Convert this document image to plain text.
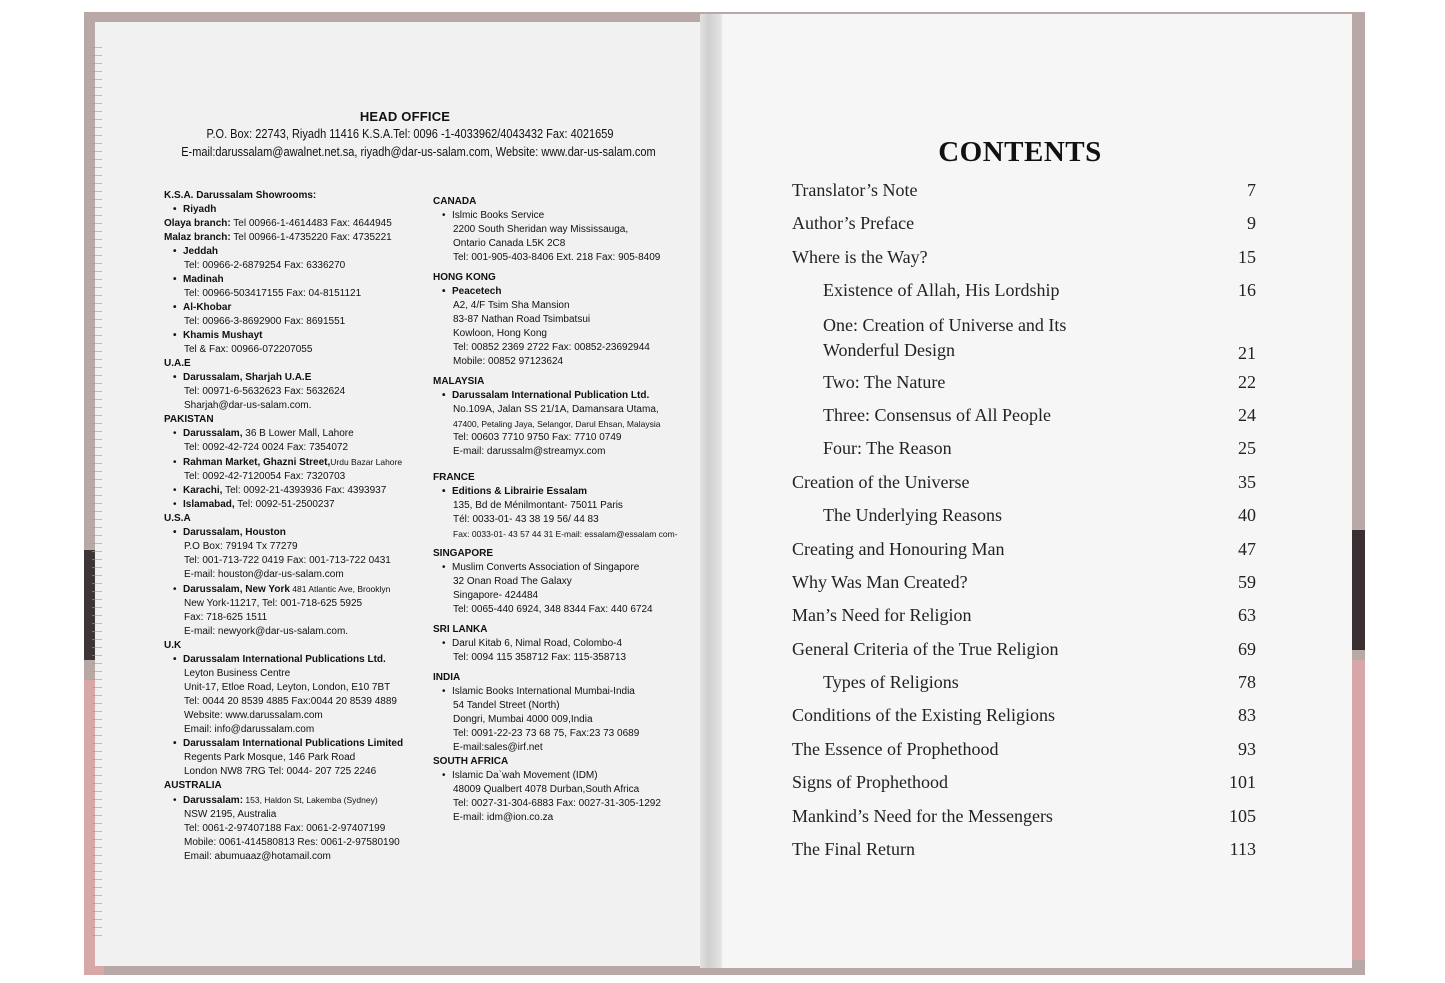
HEAD OFFICE
P.O. Box: 22743, Riyadh 11416 K.S.A.Tel: 0096 -1-4033962/4043432 Fax: 4021659
E-mail:darussalam@awalnet.net.sa, riyadh@dar-us-salam.com, Website: www.dar-us-salam.com
K.S.A. Darussalam Showrooms:
• Riyadh
Olaya branch: Tel 00966-1-4614483 Fax: 4644945
Malaz branch: Tel 00966-1-4735220 Fax: 4735221
• Jeddah
Tel: 00966-2-6879254 Fax: 6336270
• Madinah
Tel: 00966-503417155 Fax: 04-8151121
• Al-Khobar
Tel: 00966-3-8692900 Fax: 8691551
• Khamis Mushayt
Tel & Fax: 00966-072207055
U.A.E
• Darussalam, Sharjah U.A.E
Tel: 00971-6-5632623 Fax: 5632624
Sharjah@dar-us-salam.com.
PAKISTAN
• Darussalam, 36 B Lower Mall, Lahore
Tel: 0092-42-724 0024 Fax: 7354072
• Rahman Market, Ghazni Street,Urdu Bazar Lahore
Tel: 0092-42-7120054 Fax: 7320703
• Karachi, Tel: 0092-21-4393936 Fax: 4393937
• Islamabad, Tel: 0092-51-2500237
U.S.A
• Darussalam, Houston
P.O Box: 79194 Tx 77279
Tel: 001-713-722 0419 Fax: 001-713-722 0431
E-mail: houston@dar-us-salam.com
• Darussalam, New York 481 Atlantic Ave, Brooklyn
New York-11217, Tel: 001-718-625 5925
Fax: 718-625 1511
E-mail: newyork@dar-us-salam.com.
U.K
• Darussalam International Publications Ltd.
Leyton Business Centre
Unit-17, Etloe Road, Leyton, London, E10 7BT
Tel: 0044 20 8539 4885 Fax:0044 20 8539 4889
Website: www.darussalam.com
Email: info@darussalam.com
• Darussalam International Publications Limited
Regents Park Mosque, 146 Park Road
London NW8 7RG Tel: 0044- 207 725 2246
AUSTRALIA
• Darussalam: 153, Haldon St, Lakemba (Sydney)
NSW 2195, Australia
Tel: 0061-2-97407188 Fax: 0061-2-97407199
Mobile: 0061-414580813 Res: 0061-2-97580190
Email: abumuaaz@hotamail.com
CANADA
• Islmic Books Service
2200 South Sheridan way Mississauga,
Ontario Canada L5K 2C8
Tel: 001-905-403-8406 Ext. 218 Fax: 905-8409
HONG KONG
• Peacetech
A2, 4/F Tsim Sha Mansion
83-87 Nathan Road Tsimbatsui
Kowloon, Hong Kong
Tel: 00852 2369 2722 Fax: 00852-23692944
Mobile: 00852 97123624
MALAYSIA
• Darussalam International Publication Ltd.
No.109A, Jalan SS 21/1A, Damansara Utama,
47400, Petaling Jaya, Selangor, Darul Ehsan, Malaysia
Tel: 00603 7710 9750 Fax: 7710 0749
E-mail: darussalm@streamyx.com
FRANCE
• Editions & Librairie Essalam
135, Bd de Ménilmontant- 75011 Paris
Tél: 0033-01- 43 38 19 56/ 44 83
Fax: 0033-01- 43 57 44 31 E-mail: essalam@essalam com-
SINGAPORE
• Muslim Converts Association of Singapore
32 Onan Road The Galaxy
Singapore- 424484
Tel: 0065-440 6924, 348 8344 Fax: 440 6724
SRI LANKA
• Darul Kitab 6, Nimal Road, Colombo-4
Tel: 0094 115 358712 Fax: 115-358713
INDIA
• Islamic Books International Mumbai-India
54 Tandel Street (North)
Dongri, Mumbai 4000 009,India
Tel: 0091-22-23 73 68 75, Fax:23 73 0689
E-mail:sales@irf.net
SOUTH AFRICA
• Islamic Da`wah Movement (IDM)
48009 Qualbert 4078 Durban,South Africa
Tel: 0027-31-304-6883 Fax: 0027-31-305-1292
E-mail: idm@ion.co.za
CONTENTS
Translator’s Note	7
Author’s Preface	9
Where is the Way?	15
Existence of Allah, His Lordship	16
One: Creation of Universe and Its
Wonderful Design	21
Two: The Nature	22
Three: Consensus of All People	24
Four: The Reason	25
Creation of the Universe	35
The Underlying Reasons	40
Creating and Honouring Man	47
Why Was Man Created?	59
Man’s Need for Religion	63
General Criteria of the True Religion	69
Types of Religions	78
Conditions of the Existing Religions	83
The Essence of Prophethood	93
Signs of Prophethood	101
Mankind’s Need for the Messengers	105
The Final Return	113
